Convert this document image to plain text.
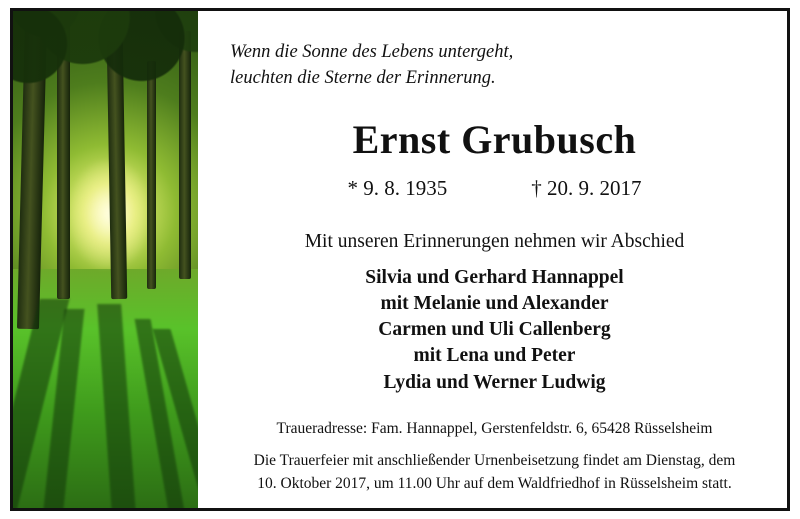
Wenn die Sonne des Lebens untergeht,
leuchten die Sterne der Erinnerung.
Ernst Grubusch
* 9. 8. 1935	† 20. 9. 2017
Mit unseren Erinnerungen nehmen wir Abschied
Silvia und Gerhard Hannappel
mit Melanie und Alexander
Carmen und Uli Callenberg
mit Lena und Peter
Lydia und Werner Ludwig
Traueradresse: Fam. Hannappel, Gerstenfeldstr. 6, 65428 Rüsselsheim
Die Trauerfeier mit anschließender Urnenbeisetzung findet am Dienstag, dem
10. Oktober 2017, um 11.00 Uhr auf dem Waldfriedhof in Rüsselsheim statt.
